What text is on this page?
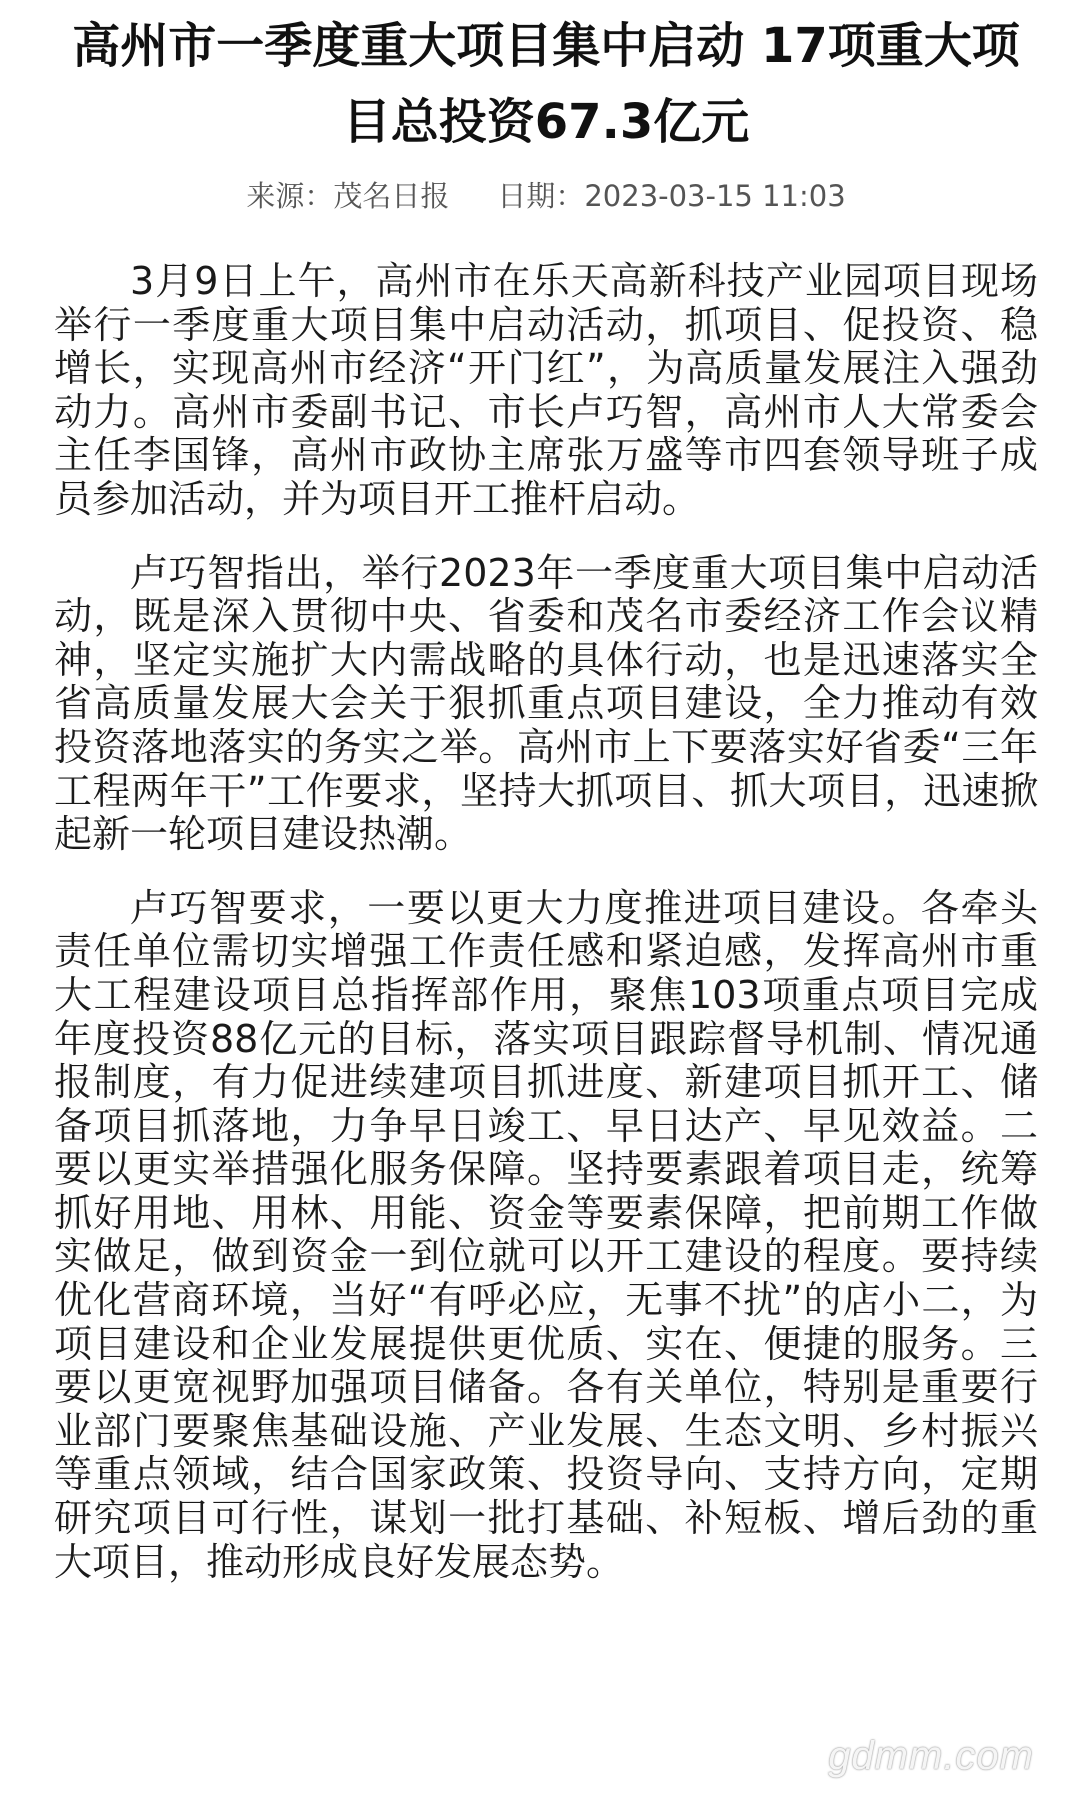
高州市一季度重大项目集中启动 17项重大项目总投资67.3亿元
来源：茂名日报 日期：2023-03-15 11:03

3月9日上午，高州市在乐天高新科技产业园项目现场举行一季度重大项目集中启动活动，抓项目、促投资、稳增长，实现高州市经济“开门红”，为高质量发展注入强劲动力。高州市委副书记、市长卢巧智，高州市人大常委会主任李国锋，高州市政协主席张万盛等市四套领导班子成员参加活动，并为项目开工推杆启动。

卢巧智指出，举行2023年一季度重大项目集中启动活动，既是深入贯彻中央、省委和茂名市委经济工作会议精神，坚定实施扩大内需战略的具体行动，也是迅速落实全省高质量发展大会关于狠抓重点项目建设，全力推动有效投资落地落实的务实之举。高州市上下要落实好省委“三年工程两年干”工作要求，坚持大抓项目、抓大项目，迅速掀起新一轮项目建设热潮。

卢巧智要求，一要以更大力度推进项目建设。各牵头责任单位需切实增强工作责任感和紧迫感，发挥高州市重大工程建设项目总指挥部作用，聚焦103项重点项目完成年度投资88亿元的目标，落实项目跟踪督导机制、情况通报制度，有力促进续建项目抓进度、新建项目抓开工、储备项目抓落地，力争早日竣工、早日达产、早见效益。二要以更实举措强化服务保障。坚持要素跟着项目走，统筹抓好用地、用林、用能、资金等要素保障，把前期工作做实做足，做到资金一到位就可以开工建设的程度。要持续优化营商环境，当好“有呼必应，无事不扰”的店小二，为项目建设和企业发展提供更优质、实在、便捷的服务。三要以更宽视野加强项目储备。各有关单位，特别是重要行业部门要聚焦基础设施、产业发展、生态文明、乡村振兴等重点领域，结合国家政策、投资导向、支持方向，定期研究项目可行性，谋划一批打基础、补短板、增后劲的重大项目，推动形成良好发展态势。

gdmm.com
